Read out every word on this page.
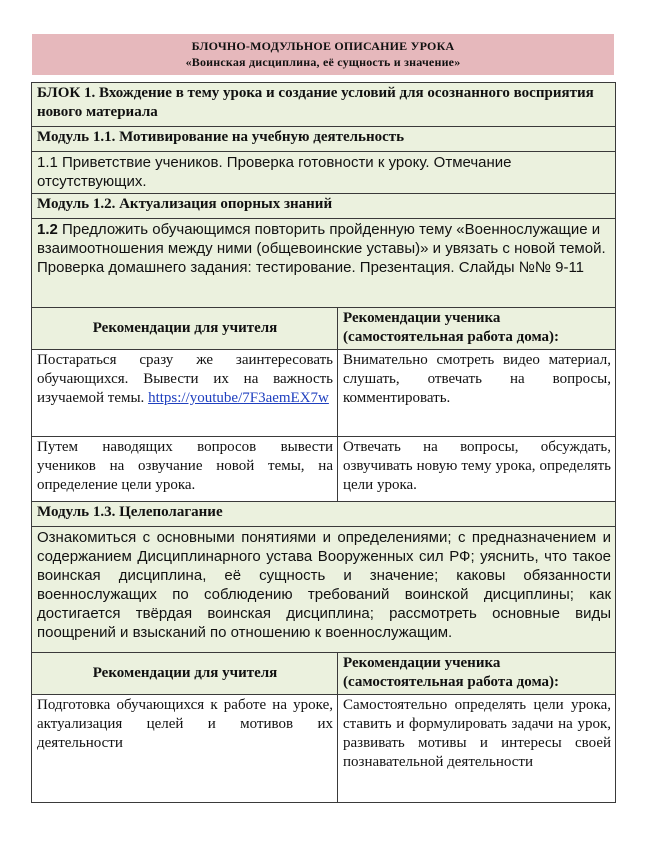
БЛОЧНО-МОДУЛЬНОЕ ОПИСАНИЕ УРОКА
«Воинская дисциплина, её сущность и значение»
БЛОК 1. Вхождение в тему урока и создание условий для осознанного восприятия нового материала	
Модуль 1.1. Мотивирование на учебную деятельность	
1.1 Приветствие учеников. Проверка готовности к уроку. Отмечание отсутствующих.	
Модуль 1.2. Актуализация опорных знаний	
1.2 Предложить обучающимся повторить пройденную тему «Военнослужащие и взаимоотношения между ними (общевоинские уставы)» и увязать с новой темой.
Проверка домашнего задания: тестирование. Презентация. Слайды №№ 9-11	
Рекомендации для учителя	Рекомендации ученика (самостоятельная работа дома):
Постараться сразу же заинтересовать обучающихся. Вывести их на важность изучаемой темы. https://youtube/7F3aemEX7w	Внимательно смотреть видео материал, слушать, отвечать на вопросы, комментировать.
Путем наводящих вопросов вывести учеников на озвучание новой темы, на определение цели урока.	Отвечать на вопросы, обсуждать, озвучивать новую тему урока, определять цели урока.
Модуль 1.3. Целеполагание	
Ознакомиться с основными понятиями и определениями; с предназначением и содержанием Дисциплинарного устава Вооруженных сил РФ; уяснить, что такое воинская дисциплина, её сущность и значение; каковы обязанности военнослужащих по соблюдению требований воинской дисциплины; как достигается твёрдая воинская дисциплина; рассмотреть основные виды поощрений и взысканий по отношению к военнослужащим.	
Рекомендации для учителя	Рекомендации ученика (самостоятельная работа дома):
Подготовка обучающихся к работе на уроке, актуализация целей и мотивов их деятельности	Самостоятельно определять цели урока, ставить и формулировать задачи на урок, развивать мотивы и интересы своей познавательной деятельности
